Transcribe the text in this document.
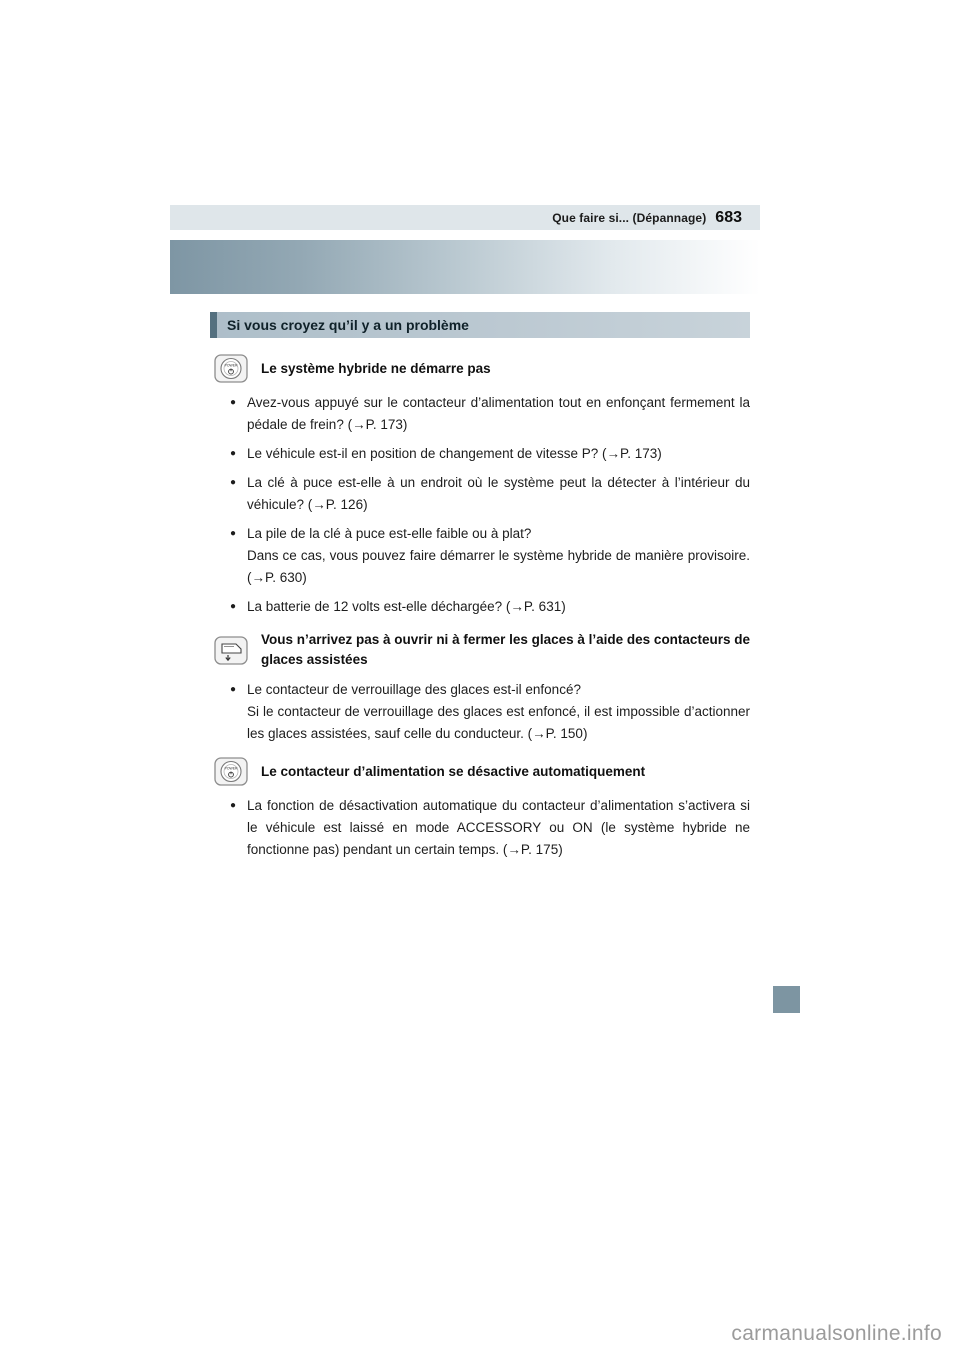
Que faire si... (Dépannage) 683
Si vous croyez qu’il y a un problème
POWER Le système hybride ne démarre pas
● Avez-vous appuyé sur le contacteur d’alimentation tout en enfonçant fermement la pédale de frein? (→P. 173)
● Le véhicule est-il en position de changement de vitesse P? (→P. 173)
● La clé à puce est-elle à un endroit où le système peut la détecter à l’intérieur du véhicule? (→P. 126)
● La pile de la clé à puce est-elle faible ou à plat?
Dans ce cas, vous pouvez faire démarrer le système hybride de manière provisoire. (→P. 630)
● La batterie de 12 volts est-elle déchargée? (→P. 631)
Vous n’arrivez pas à ouvrir ni à fermer les glaces à l’aide des contacteurs de glaces assistées
● Le contacteur de verrouillage des glaces est-il enfoncé?
Si le contacteur de verrouillage des glaces est enfoncé, il est impossible d’actionner les glaces assistées, sauf celle du conducteur. (→P. 150)
POWER Le contacteur d’alimentation se désactive automatiquement
● La fonction de désactivation automatique du contacteur d’alimentation s’activera si le véhicule est laissé en mode ACCESSORY ou ON (le système hybride ne fonctionne pas) pendant un certain temps. (→P. 175)
carmanualsonline.info
